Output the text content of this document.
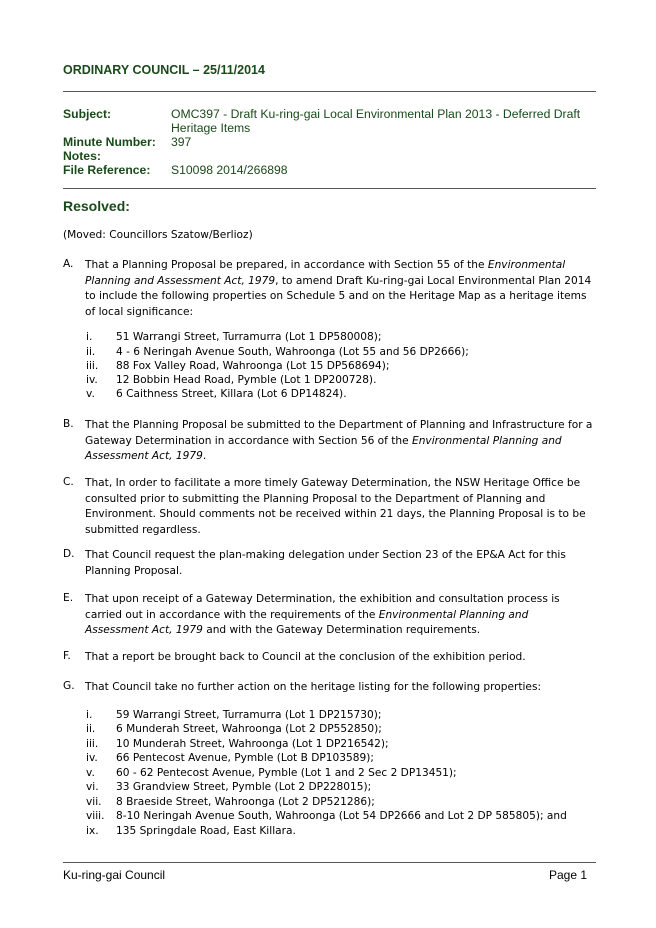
ORDINARY COUNCIL – 25/11/2014
Subject:	OMC397 - Draft Ku-ring-gai Local Environmental Plan 2013 - Deferred Draft Heritage Items
Minute Number: 397
Notes:
File Reference: S10098 2014/266898
Resolved:
(Moved: Councillors Szatow/Berlioz)
A. That a Planning Proposal be prepared, in accordance with Section 55 of the Environmental Planning and Assessment Act, 1979, to amend Draft Ku-ring-gai Local Environmental Plan 2014 to include the following properties on Schedule 5 and on the Heritage Map as a heritage items of local significance:
i. 51 Warrangi Street, Turramurra (Lot 1 DP580008);
ii. 4 - 6 Neringah Avenue South, Wahroonga (Lot 55 and 56 DP2666);
iii. 88 Fox Valley Road, Wahroonga (Lot 15 DP568694);
iv. 12 Bobbin Head Road, Pymble (Lot 1 DP200728).
v. 6 Caithness Street, Killara (Lot 6 DP14824).
B. That the Planning Proposal be submitted to the Department of Planning and Infrastructure for a Gateway Determination in accordance with Section 56 of the Environmental Planning and Assessment Act, 1979.
C. That, In order to facilitate a more timely Gateway Determination, the NSW Heritage Office be consulted prior to submitting the Planning Proposal to the Department of Planning and Environment. Should comments not be received within 21 days, the Planning Proposal is to be submitted regardless.
D. That Council request the plan-making delegation under Section 23 of the EP&A Act for this Planning Proposal.
E. That upon receipt of a Gateway Determination, the exhibition and consultation process is carried out in accordance with the requirements of the Environmental Planning and Assessment Act, 1979 and with the Gateway Determination requirements.
F. That a report be brought back to Council at the conclusion of the exhibition period.
G. That Council take no further action on the heritage listing for the following properties:
i. 59 Warrangi Street, Turramurra (Lot 1 DP215730);
ii. 6 Munderah Street, Wahroonga (Lot 2 DP552850);
iii. 10 Munderah Street, Wahroonga (Lot 1 DP216542);
iv. 66 Pentecost Avenue, Pymble (Lot B DP103589);
v. 60 - 62 Pentecost Avenue, Pymble (Lot 1 and 2 Sec 2 DP13451);
vi. 33 Grandview Street, Pymble (Lot 2 DP228015);
vii. 8 Braeside Street, Wahroonga (Lot 2 DP521286);
viii. 8-10 Neringah Avenue South, Wahroonga (Lot 54 DP2666 and Lot 2 DP 585805); and
ix. 135 Springdale Road, East Killara.
Ku-ring-gai Council	Page 1
